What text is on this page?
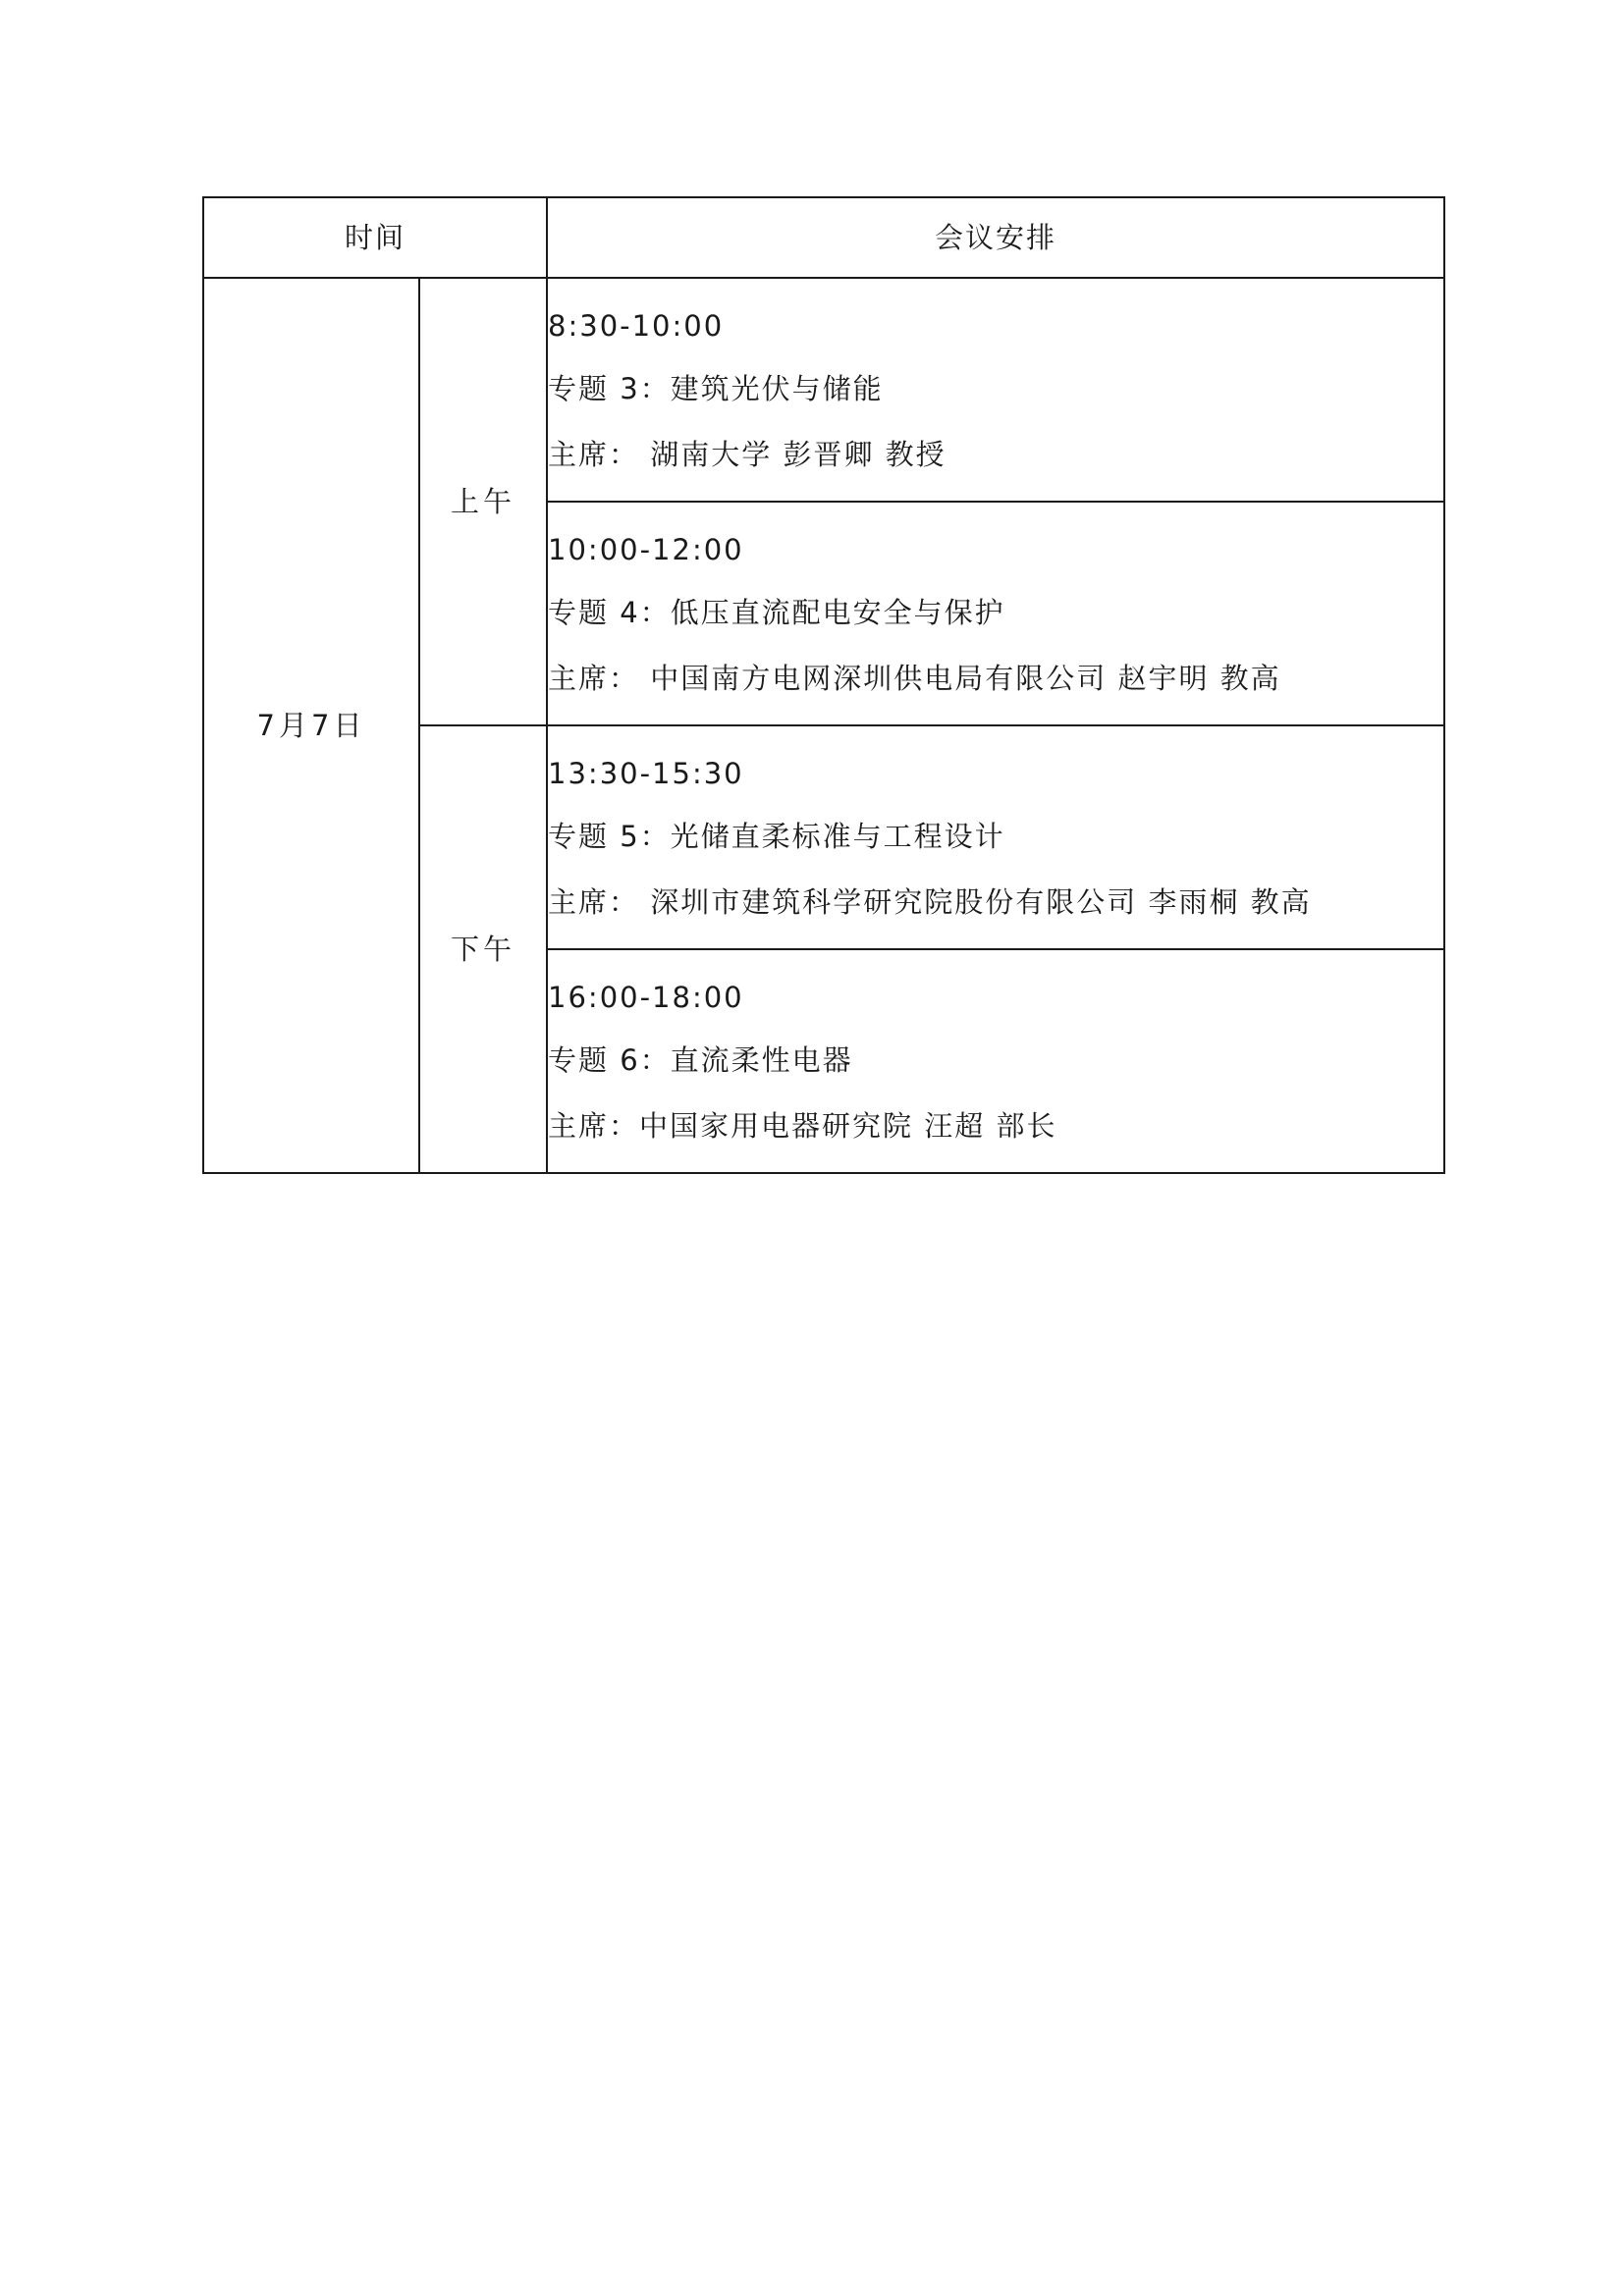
时间		会议安排
7月7日	上午	8:30-10:00
专题 3：建筑光伏与储能
主席： 湖南大学 彭晋卿 教授

		10:00-12:00
专题 4：低压直流配电安全与保护
主席： 中国南方电网深圳供电局有限公司 赵宇明 教高

	下午	13:30-15:30
专题 5：光储直柔标准与工程设计
主席： 深圳市建筑科学研究院股份有限公司 李雨桐 教高

		16:00-18:00
专题 6：直流柔性电器
主席：中国家用电器研究院 汪超 部长
